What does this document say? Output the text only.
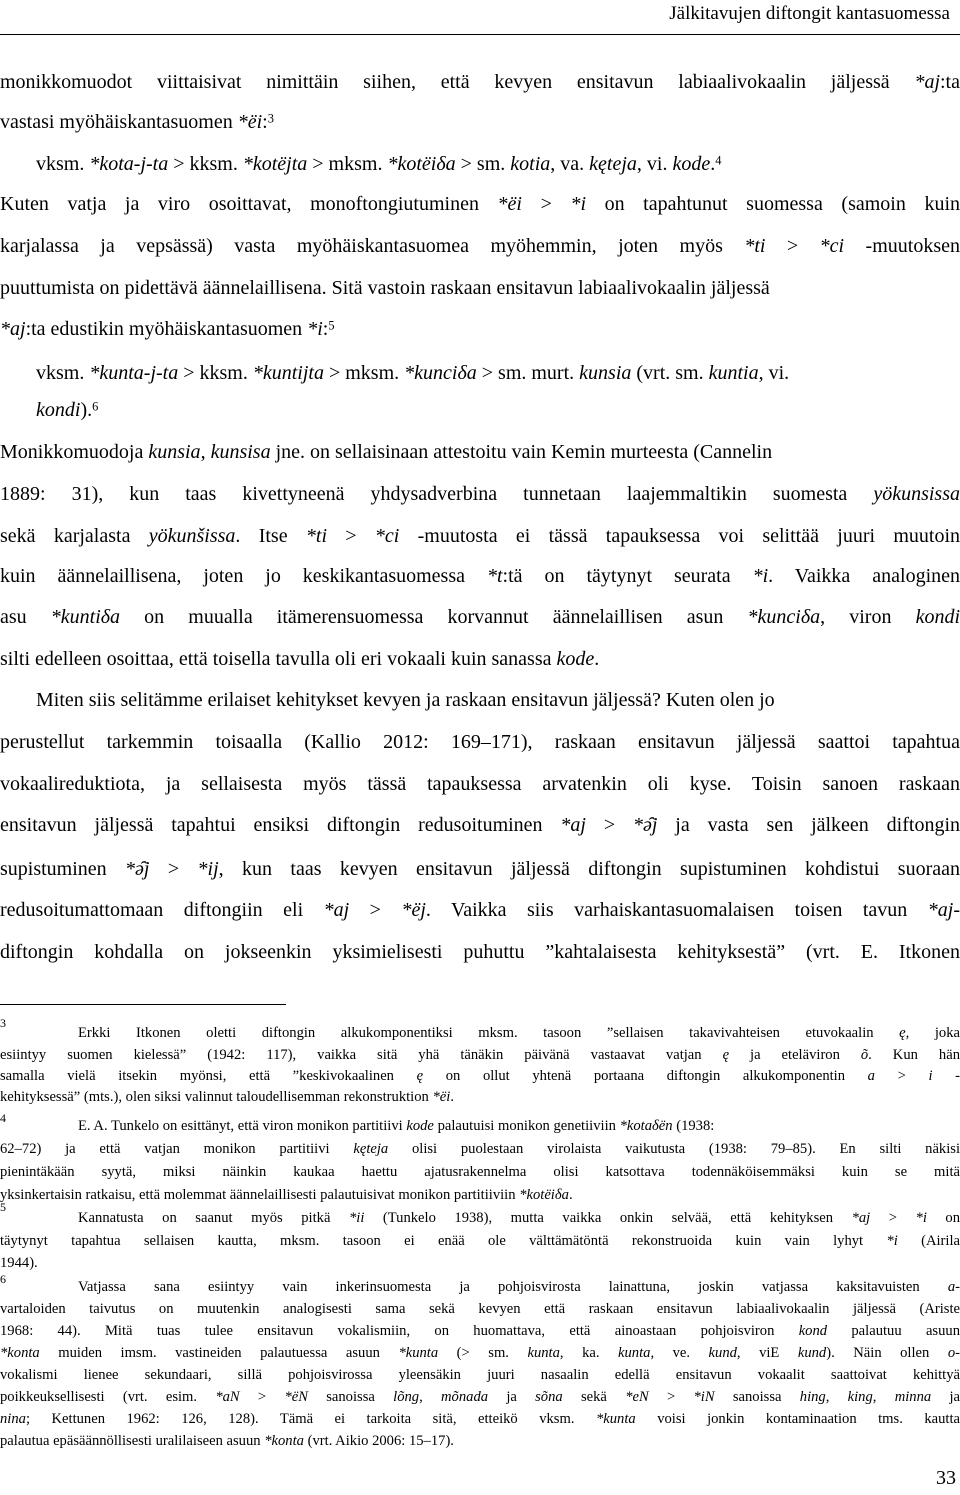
Jälkitavujen diftongit kantasuomessa
monikkomuodot viittaisivat nimittäin siihen, että kevyen ensitavun labiaalivokaalin jäljessä *aj:ta
vastasi myöhäiskantasuomen *ëi:$^3$
vksm. *kota-j-ta > kksm. *kotëjta > mksm. *kotëiδa > sm. kotia, va. kęteja, vi. kode.$^4$
Kuten vatja ja viro osoittavat, monoftongiutuminen *ëi > *i on tapahtunut suomessa (samoin kuin
karjalassa ja vepsässä) vasta myöhäiskantasuomea myöhemmin, joten myös *ti > *ci -muutoksen
puuttumista on pidettävä äännelaillisena. Sitä vastoin raskaan ensitavun labiaalivokaalin jäljessä
*aj:ta edustikin myöhäiskantasuomen *i:$^5$
vksm. *kunta-j-ta > kksm. *kuntijta > mksm. *kunciδa > sm. murt. kunsia (vrt. sm. kuntia, vi.
kondi).$^6$
Monikkomuodoja kunsia, kunsisa jne. on sellaisinaan attestoitu vain Kemin murteesta (Cannelin
1889: 31), kun taas kivettyneenä yhdysadverbina tunnetaan laajemmaltikin suomesta yökunsissa
sekä karjalasta yökunšissa. Itse *ti > *ci -muutosta ei tässä tapauksessa voi selittää juuri muutoin
kuin äännelaillisena, joten jo keskikantasuomessa *t:tä on täytynyt seurata *i. Vaikka analoginen
asu *kuntiδa on muualla itämerensuomessa korvannut äännelaillisen asun *kunciδa, viron kondi
silti edelleen osoittaa, että toisella tavulla oli eri vokaali kuin sanassa kode.
Miten siis selitämme erilaiset kehitykset kevyen ja raskaan ensitavun jäljessä? Kuten olen jo
perustellut tarkemmin toisaalla (Kallio 2012: 169–171), raskaan ensitavun jäljessä saattoi tapahtua
vokaalireduktiota, ja sellaisesta myös tässä tapauksessa arvatenkin oli kyse. Toisin sanoen raskaan
ensitavun jäljessä tapahtui ensiksi diftongin redusoituminen *aj > *ə̑j ja vasta sen jälkeen diftongin
supistuminen *ə̑j > *ij, kun taas kevyen ensitavun jäljessä diftongin supistuminen kohdistui suoraan
redusoitumattomaan diftongiin eli *aj > *ëj. Vaikka siis varhaiskantasuomalaisen toisen tavun *aj-
diftongin kohdalla on jokseenkin yksimielisesti puhuttu ”kahtalaisesta kehityksestä” (vrt. E. Itkonen
3
4
5
6
Erkki Itkonen oletti diftongin alkukomponentiksi mksm. tasoon ”sellaisen takavivahteisen etuvokaalin ę, joka
esiintyy suomen kielessä” (1942: 117), vaikka sitä yhä tänäkin päivänä vastaavat vatjan ę ja eteläviron õ. Kun hän
samalla vielä itsekin myönsi, että ”keskivokaalinen ę on ollut yhtenä portaana diftongin alkukomponentin a > i -
kehityksessä” (mts.), olen siksi valinnut taloudellisemman rekonstruktion *ëi.
E. A. Tunkelo on esittänyt, että viron monikon partitiivi kode palautuisi monikon genetiiviin *kotaδën (1938:
62–72) ja että vatjan monikon partitiivi kęteja olisi puolestaan virolaista vaikutusta (1938: 79–85). En silti näkisi
pienintäkään syytä, miksi näinkin kaukaa haettu ajatusrakennelma olisi katsottava todennäköisemmäksi kuin se mitä
yksinkertaisin ratkaisu, että molemmat äännelaillisesti palautuisivat monikon partitiiviin *kotëiδa.
Kannatusta on saanut myös pitkä *ii (Tunkelo 1938), mutta vaikka onkin selvää, että kehityksen *aj > *i on
täytynyt tapahtua sellaisen kautta, mksm. tasoon ei enää ole välttämätöntä rekonstruoida kuin vain lyhyt *i (Airila
1944).
Vatjassa sana esiintyy vain inkerinsuomesta ja pohjoisvirosta lainattuna, joskin vatjassa kaksitavuisten a-
vartaloiden taivutus on muutenkin analogisesti sama sekä kevyen että raskaan ensitavun labiaalivokaalin jäljessä (Ariste
1968: 44). Mitä tuas tulee ensitavun vokalismiin, on huomattava, että ainoastaan pohjoisviron kond palautuu asuun
*konta muiden imsm. vastineiden palautuessa asuun *kunta (> sm. kunta, ka. kunta, ve. kund, viE kund). Näin ollen o-
vokalismi lienee sekundaari, sillä pohjoisvirossa yleensäkin juuri nasaalin edellä ensitavun vokaalit saattoivat kehittyä
poikkeuksellisesti (vrt. esim. *aN > *ëN sanoissa lõng, mõnada ja sõna sekä *eN > *iN sanoissa hing, king, minna ja
nina; Kettunen 1962: 126, 128). Tämä ei tarkoita sitä, etteikö vksm. *kunta voisi jonkin kontaminaation tms. kautta
palautua epäsäännöllisesti uralilaiseen asuun *konta (vrt. Aikio 2006: 15–17).
33
